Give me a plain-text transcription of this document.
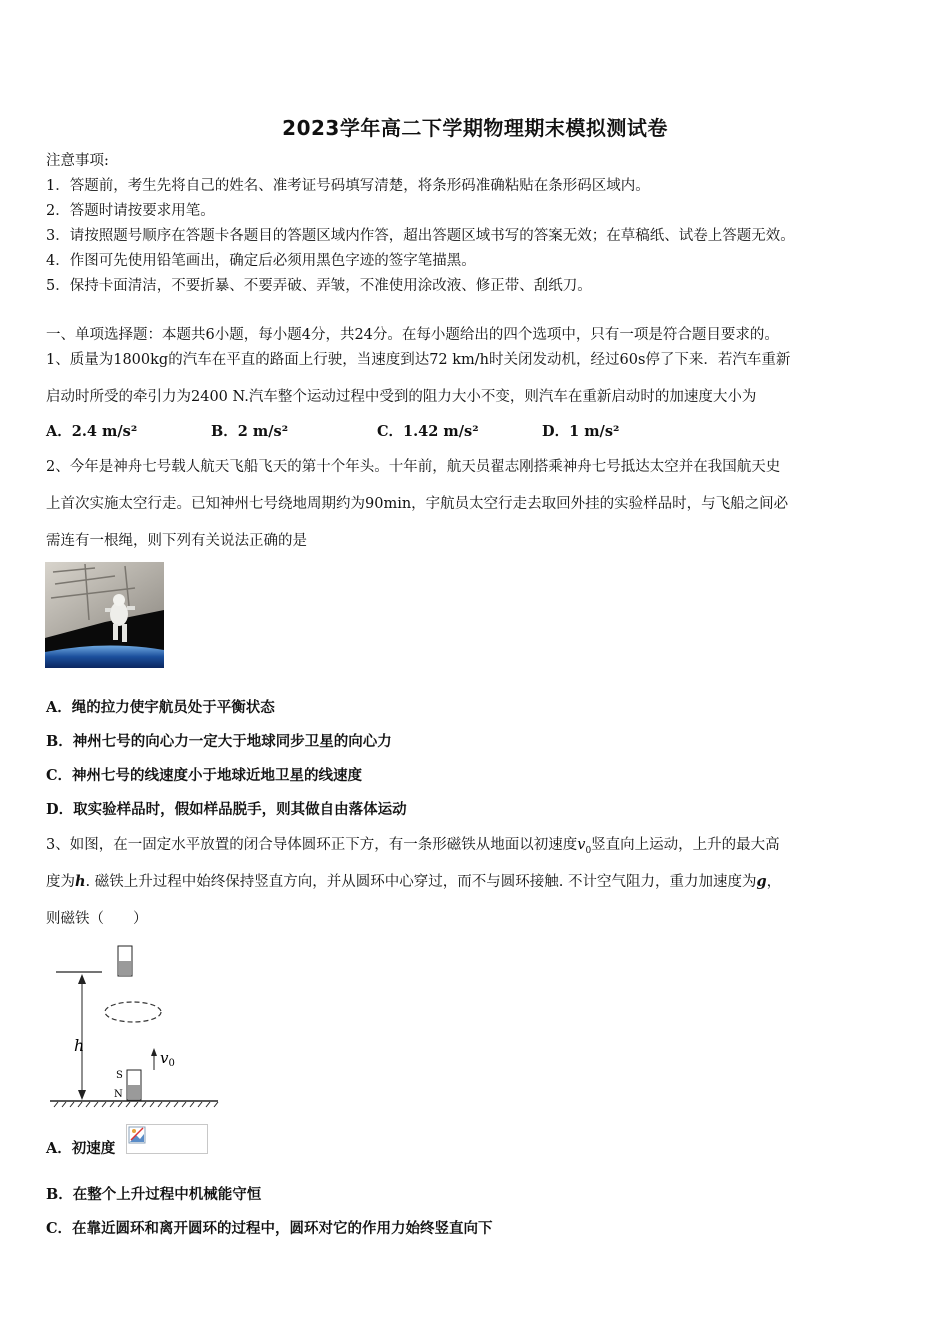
2023学年高二下学期物理期末模拟测试卷
注意事项:
1．答题前，考生先将自己的姓名、准考证号码填写清楚，将条形码准确粘贴在条形码区域内。
2．答题时请按要求用笔。
3．请按照题号顺序在答题卡各题目的答题区域内作答，超出答题区域书写的答案无效；在草稿纸、试卷上答题无效。
4．作图可先使用铅笔画出，确定后必须用黑色字迹的签字笔描黑。
5．保持卡面清洁，不要折暴、不要弄破、弄皱，不准使用涂改液、修正带、刮纸刀。
一、单项选择题：本题共6小题，每小题4分，共24分。在每小题给出的四个选项中，只有一项是符合题目要求的。
1、质量为1800kg的汽车在平直的路面上行驶，当速度到达72 km/h时关闭发动机，经过60s停了下来．若汽车重新
启动时所受的牵引力为2400 N.汽车整个运动过程中受到的阻力大小不变，则汽车在重新启动时的加速度大小为
A．2.4 m/s²	B．2 m/s²	C．1.42 m/s²	D．1 m/s²
2、今年是神舟七号载人航天飞船飞天的第十个年头。十年前，航天员翟志刚搭乘神舟七号抵达太空并在我国航天史
上首次实施太空行走。已知神州七号绕地周期约为90min，宇航员太空行走去取回外挂的实验样品时，与飞船之间必
需连有一根绳，则下列有关说法正确的是
A．绳的拉力使宇航员处于平衡状态
B．神州七号的向心力一定大于地球同步卫星的向心力
C．神州七号的线速度小于地球近地卫星的线速度
D．取实验样品时，假如样品脱手，则其做自由落体运动
3、如图，在一固定水平放置的闭合导体圆环正下方，有一条形磁铁从地面以初速度$v_0$竖直向上运动，上升的最大高
度为h. 磁铁上升过程中始终保持竖直方向，并从圆环中心穿过，而不与圆环接触. 不计空气阻力，重力加速度为g，
则磁铁（　　）
h
$v_0$
S
N
A．初速度
B．在整个上升过程中机械能守恒
C．在靠近圆环和离开圆环的过程中，圆环对它的作用力始终竖直向下
